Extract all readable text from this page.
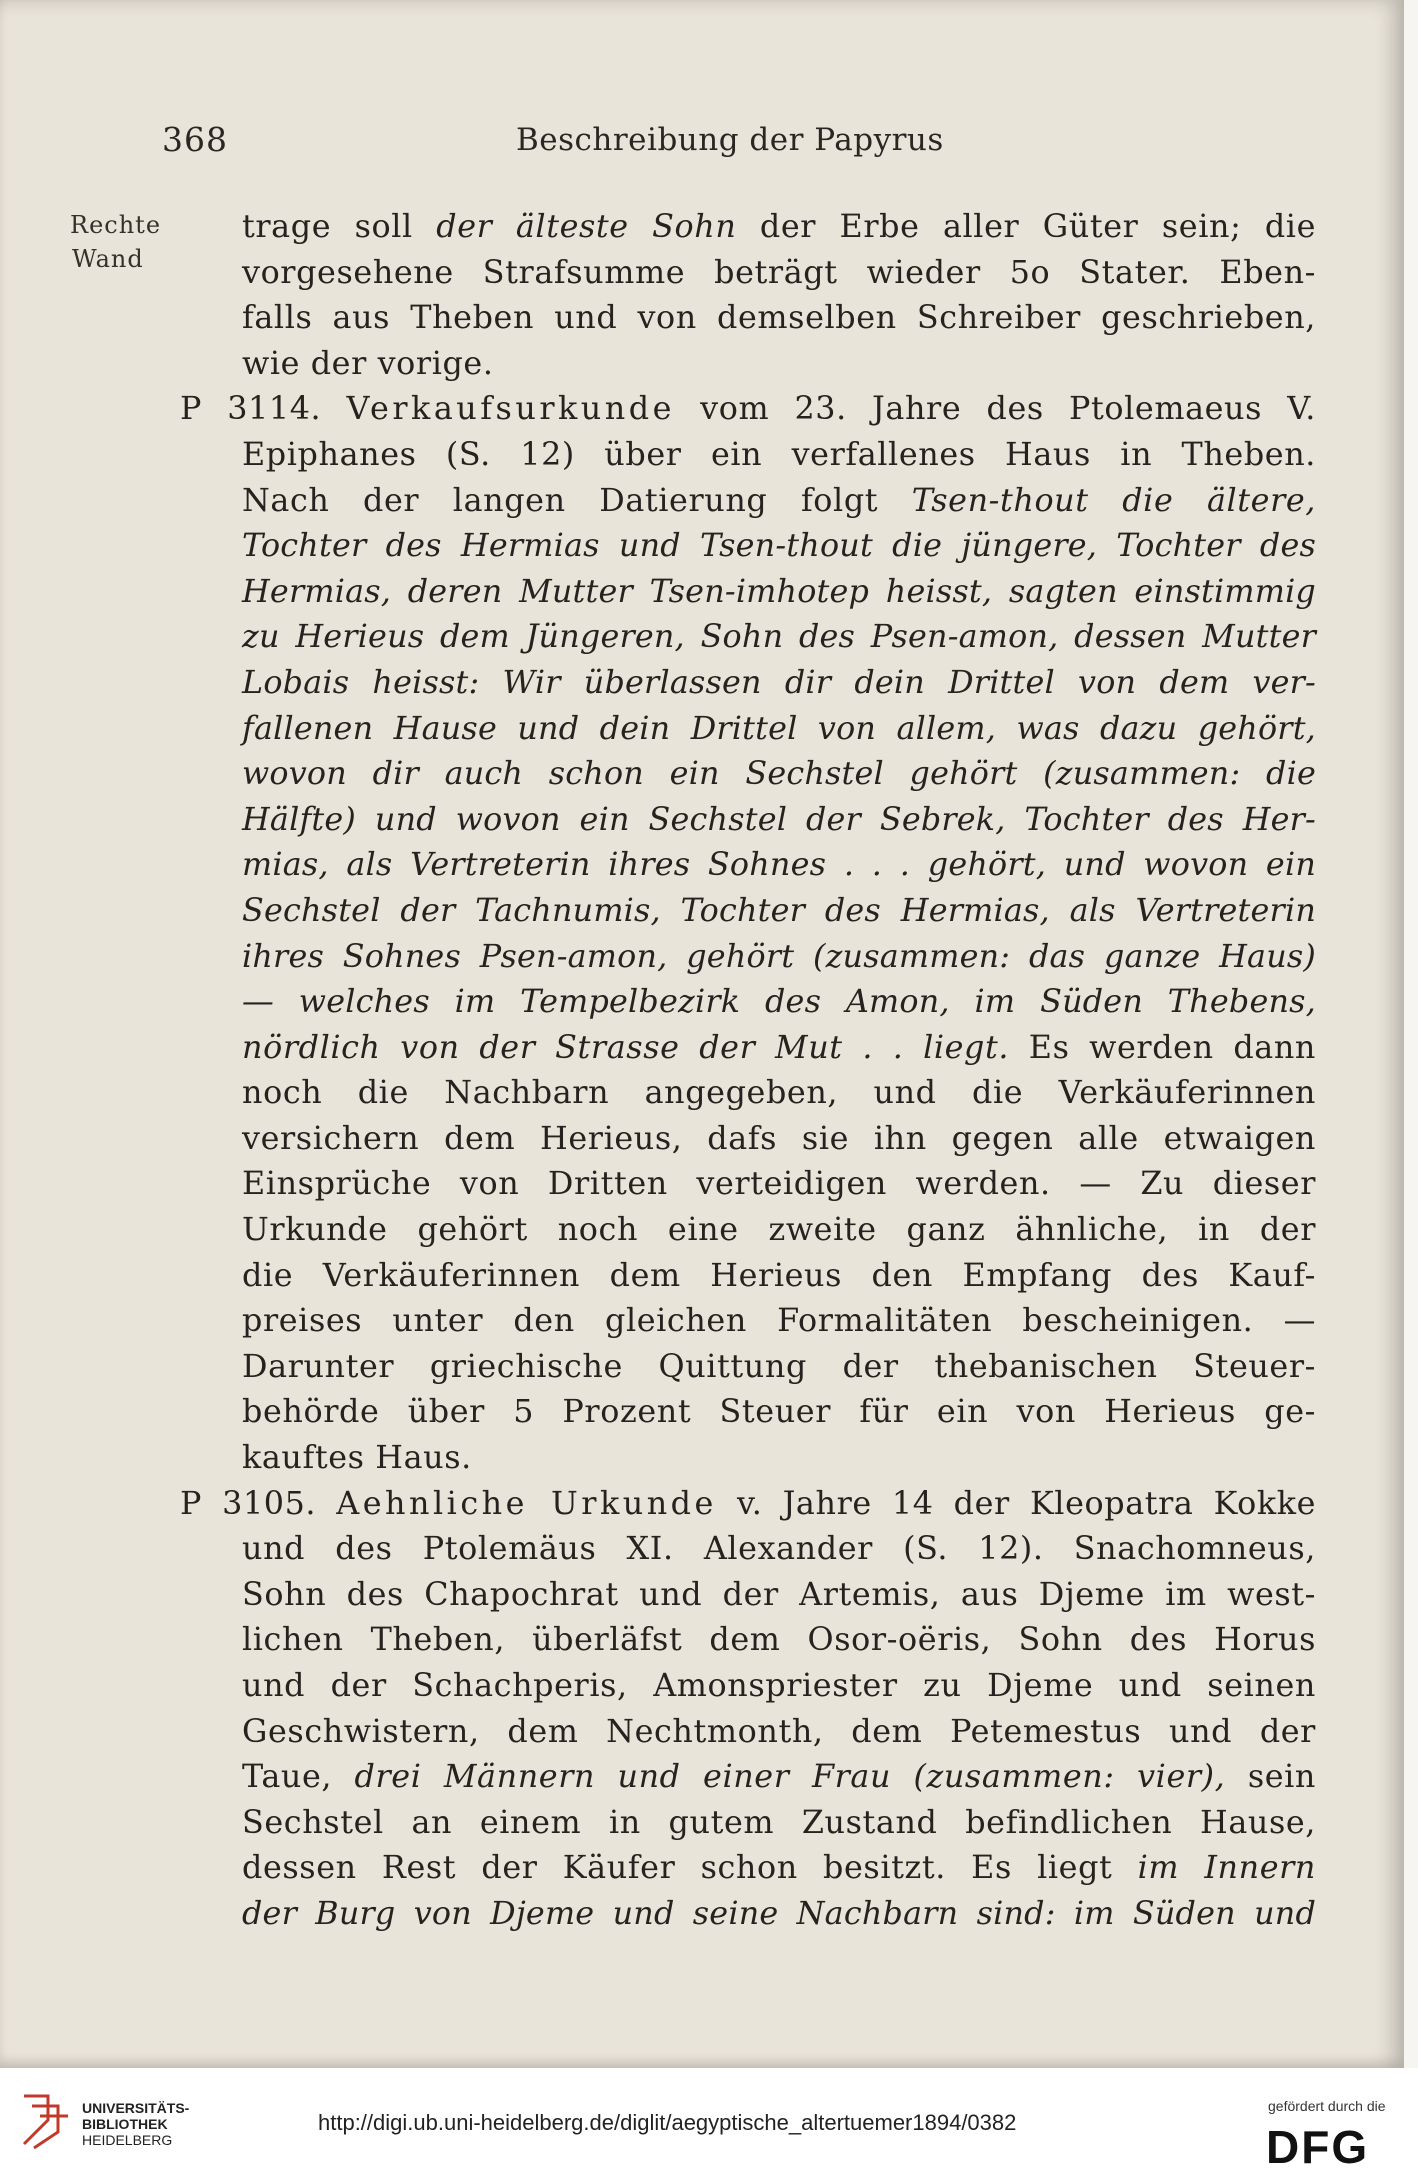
368	Beschreibung der Papyrus
Rechte
Wand
trage soll der älteste Sohn der Erbe aller Güter sein; die
vorgesehene Strafsumme beträgt wieder 5o Stater. Eben-
falls aus Theben und von demselben Schreiber geschrieben,
wie der vorige.
P 3114. Verkaufsurkunde vom 23. Jahre des Ptolemaeus V.
Epiphanes (S. 12) über ein verfallenes Haus in Theben.
Nach der langen Datierung folgt Tsen-thout die ältere,
Tochter des Hermias und Tsen-thout die jüngere, Tochter des
Hermias, deren Mutter Tsen-imhotep heisst, sagten einstimmig
zu Herieus dem Jüngeren, Sohn des Psen-amon, dessen Mutter
Lobais heisst: Wir überlassen dir dein Drittel von dem ver-
fallenen Hause und dein Drittel von allem, was dazu gehört,
wovon dir auch schon ein Sechstel gehört (zusammen: die
Hälfte) und wovon ein Sechstel der Sebrek, Tochter des Her-
mias, als Vertreterin ihres Sohnes . . . gehört, und wovon ein
Sechstel der Tachnumis, Tochter des Hermias, als Vertreterin
ihres Sohnes Psen-amon, gehört (zusammen: das ganze Haus)
— welches im Tempelbezirk des Amon, im Süden Thebens,
nördlich von der Strasse der Mut . . liegt. Es werden dann
noch die Nachbarn angegeben, und die Verkäuferinnen
versichern dem Herieus, dafs sie ihn gegen alle etwaigen
Einsprüche von Dritten verteidigen werden. — Zu dieser
Urkunde gehört noch eine zweite ganz ähnliche, in der
die Verkäuferinnen dem Herieus den Empfang des Kauf-
preises unter den gleichen Formalitäten bescheinigen. —
Darunter griechische Quittung der thebanischen Steuer-
behörde über 5 Prozent Steuer für ein von Herieus ge-
kauftes Haus.
P 3105. Aehnliche Urkunde v. Jahre 14 der Kleopatra Kokke
und des Ptolemäus XI. Alexander (S. 12). Snachomneus,
Sohn des Chapochrat und der Artemis, aus Djeme im west-
lichen Theben, überläfst dem Osor-oëris, Sohn des Horus
und der Schachperis, Amonspriester zu Djeme und seinen
Geschwistern, dem Nechtmonth, dem Petemestus und der
Taue, drei Männern und einer Frau (zusammen: vier), sein
Sechstel an einem in gutem Zustand befindlichen Hause,
dessen Rest der Käufer schon besitzt. Es liegt im Innern
der Burg von Djeme und seine Nachbarn sind: im Süden und
UNIVERSITÄTS-
BIBLIOTHEK
HEIDELBERG
http://digi.ub.uni-heidelberg.de/diglit/aegyptische_altertuemer1894/0382
gefördert durch die
DFG
